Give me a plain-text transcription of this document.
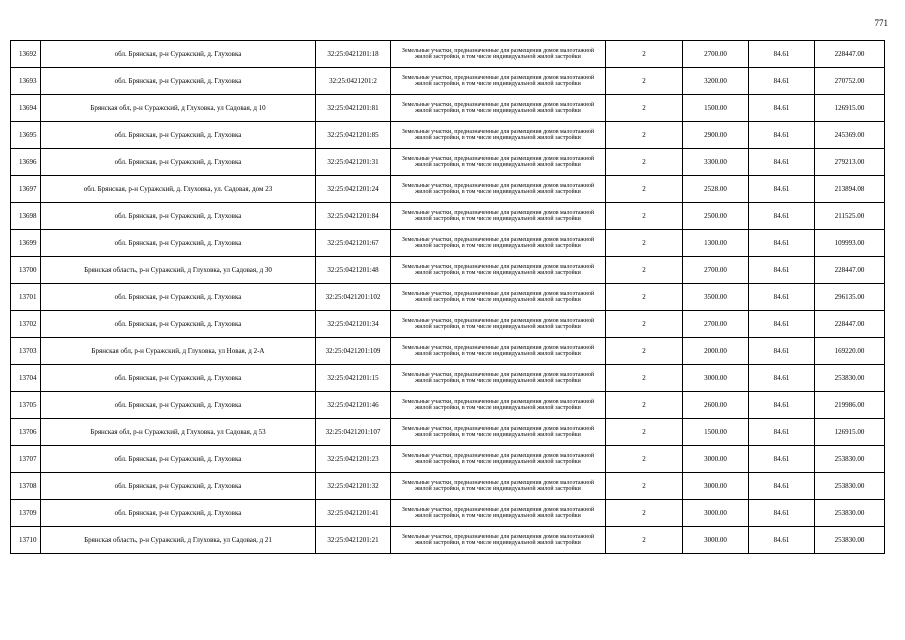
771
13692	обл. Брянская, р-н Суражский, д. Глуховка	32:25:0421201:18	Земельные участки, предназначенные для размещения домов малоэтажной жилой застройки, в том числе индивидуальной жилой застройки	2	2700.00	84.61	228447.00
13693	обл. Брянская, р-н Суражский, д. Глуховка	32:25:0421201:2	Земельные участки, предназначенные для размещения домов малоэтажной жилой застройки, в том числе индивидуальной жилой застройки	2	3200.00	84.61	270752.00
13694	Брянская обл, р-н Суражский, д Глуховка, ул Садовая, д 10	32:25:0421201:81	Земельные участки, предназначенные для размещения домов малоэтажной жилой застройки, в том числе индивидуальной жилой застройки	2	1500.00	84.61	126915.00
13695	обл. Брянская, р-н Суражский, д. Глуховка	32:25:0421201:85	Земельные участки, предназначенные для размещения домов малоэтажной жилой застройки, в том числе индивидуальной жилой застройки	2	2900.00	84.61	245369.00
13696	обл. Брянская, р-н Суражский, д. Глуховка	32:25:0421201:31	Земельные участки, предназначенные для размещения домов малоэтажной жилой застройки, в том числе индивидуальной жилой застройки	2	3300.00	84.61	279213.00
13697	обл. Брянская, р-н Суражский, д. Глуховка, ул. Садовая, дом 23	32:25:0421201:24	Земельные участки, предназначенные для размещения домов малоэтажной жилой застройки, в том числе индивидуальной жилой застройки	2	2528.00	84.61	213894.08
13698	обл. Брянская, р-н Суражский, д. Глуховка	32:25:0421201:84	Земельные участки, предназначенные для размещения домов малоэтажной жилой застройки, в том числе индивидуальной жилой застройки	2	2500.00	84.61	211525.00
13699	обл. Брянская, р-н Суражский, д. Глуховка	32:25:0421201:67	Земельные участки, предназначенные для размещения домов малоэтажной жилой застройки, в том числе индивидуальной жилой застройки	2	1300.00	84.61	109993.00
13700	Брянская область, р-н Суражский, д Глуховка, ул Садовая, д 30	32:25:0421201:48	Земельные участки, предназначенные для размещения домов малоэтажной жилой застройки, в том числе индивидуальной жилой застройки	2	2700.00	84.61	228447.00
13701	обл. Брянская, р-н Суражский, д. Глуховка	32:25:0421201:102	Земельные участки, предназначенные для размещения домов малоэтажной жилой застройки, в том числе индивидуальной жилой застройки	2	3500.00	84.61	296135.00
13702	обл. Брянская, р-н Суражский, д. Глуховка	32:25:0421201:34	Земельные участки, предназначенные для размещения домов малоэтажной жилой застройки, в том числе индивидуальной жилой застройки	2	2700.00	84.61	228447.00
13703	Брянская обл, р-н Суражский, д Глуховка, ул Новая, д 2-А	32:25:0421201:109	Земельные участки, предназначенные для размещения домов малоэтажной жилой застройки, в том числе индивидуальной жилой застройки	2	2000.00	84.61	169220.00
13704	обл. Брянская, р-н Суражский, д. Глуховка	32:25:0421201:15	Земельные участки, предназначенные для размещения домов малоэтажной жилой застройки, в том числе индивидуальной жилой застройки	2	3000.00	84.61	253830.00
13705	обл. Брянская, р-н Суражский, д. Глуховка	32:25:0421201:46	Земельные участки, предназначенные для размещения домов малоэтажной жилой застройки, в том числе индивидуальной жилой застройки	2	2600.00	84.61	219986.00
13706	Брянская обл, р-н Суражский, д Глуховка, ул Садовая, д 53	32:25:0421201:107	Земельные участки, предназначенные для размещения домов малоэтажной жилой застройки, в том числе индивидуальной жилой застройки	2	1500.00	84.61	126915.00
13707	обл. Брянская, р-н Суражский, д. Глуховка	32:25:0421201:23	Земельные участки, предназначенные для размещения домов малоэтажной жилой застройки, в том числе индивидуальной жилой застройки	2	3000.00	84.61	253830.00
13708	обл. Брянская, р-н Суражский, д. Глуховка	32:25:0421201:32	Земельные участки, предназначенные для размещения домов малоэтажной жилой застройки, в том числе индивидуальной жилой застройки	2	3000.00	84.61	253830.00
13709	обл. Брянская, р-н Суражский, д. Глуховка	32:25:0421201:41	Земельные участки, предназначенные для размещения домов малоэтажной жилой застройки, в том числе индивидуальной жилой застройки	2	3000.00	84.61	253830.00
13710	Брянская область, р-н Суражский, д Глуховка, ул Садовая, д 21	32:25:0421201:21	Земельные участки, предназначенные для размещения домов малоэтажной жилой застройки, в том числе индивидуальной жилой застройки	2	3000.00	84.61	253830.00
